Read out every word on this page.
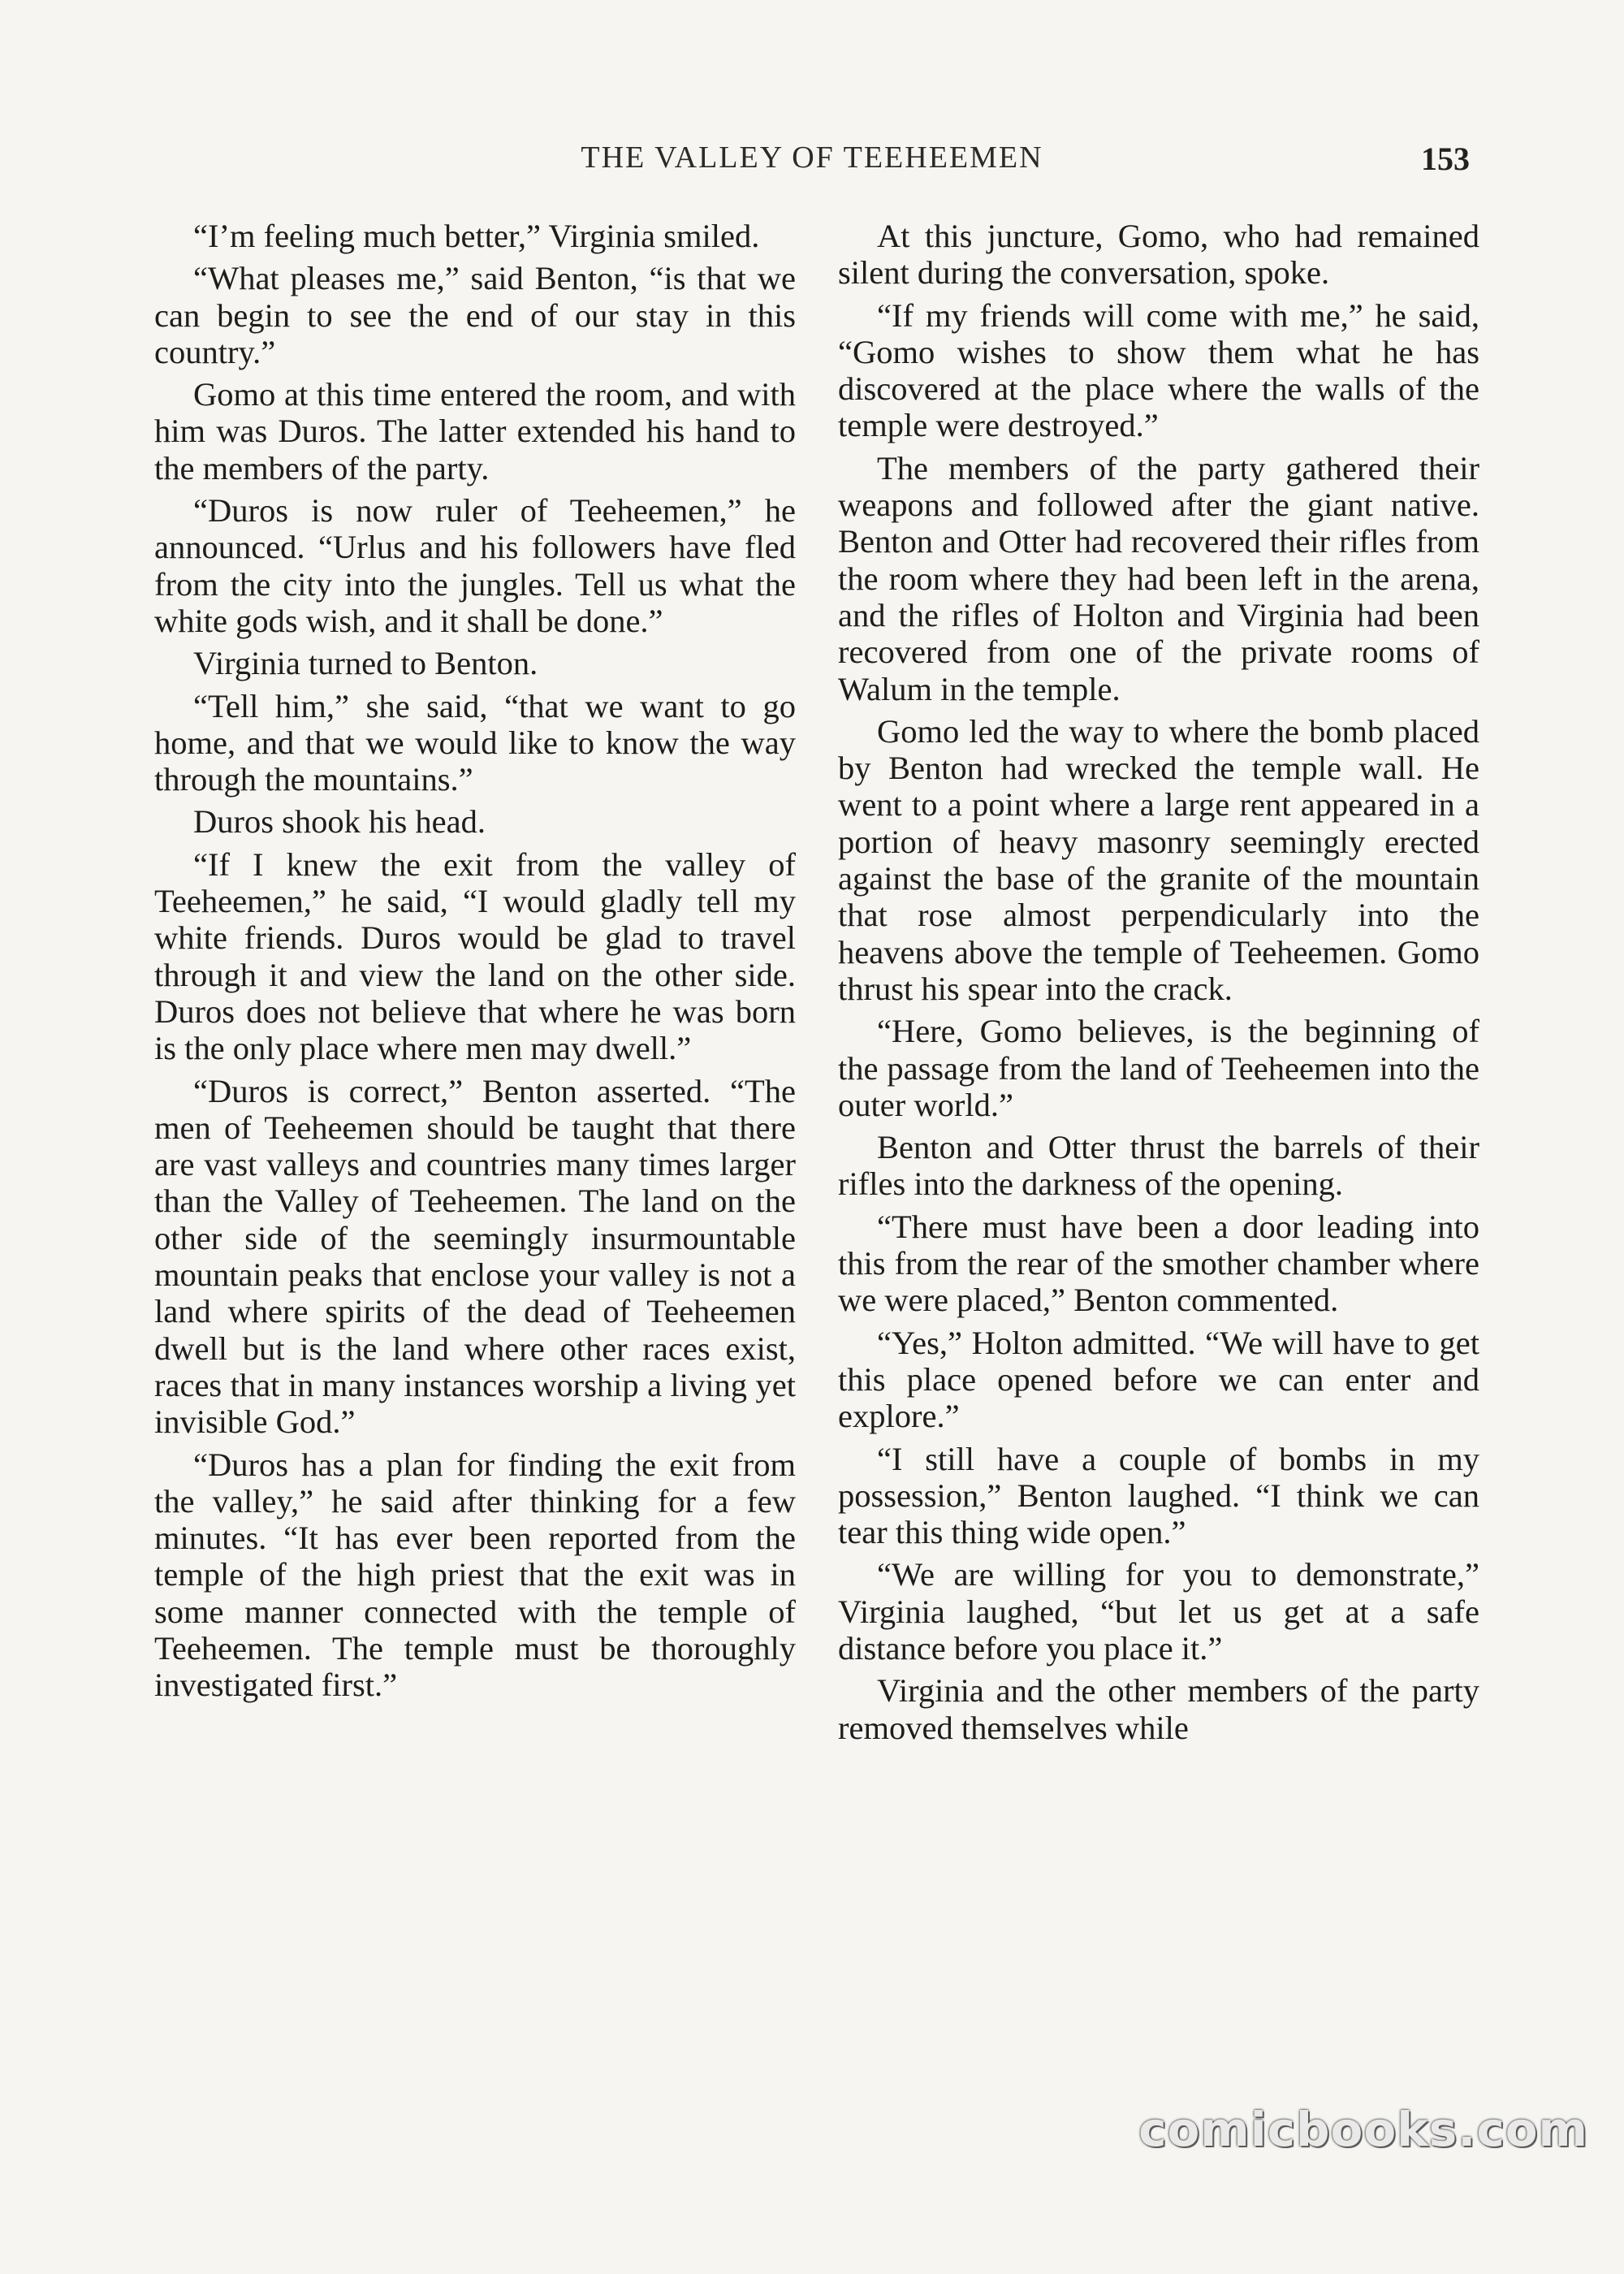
THE VALLEY OF TEEHEEMEN	153

“I’m feeling much better,” Virginia smiled.

“What pleases me,” said Benton, “is that we can begin to see the end of our stay in this country.”

Gomo at this time entered the room, and with him was Duros. The latter extended his hand to the members of the party.

“Duros is now ruler of Teeheemen,” he announced. “Urlus and his followers have fled from the city into the jungles. Tell us what the white gods wish, and it shall be done.”

Virginia turned to Benton.

“Tell him,” she said, “that we want to go home, and that we would like to know the way through the mountains.”

Duros shook his head.

“If I knew the exit from the valley of Teeheemen,” he said, “I would gladly tell my white friends. Duros would be glad to travel through it and view the land on the other side. Duros does not believe that where he was born is the only place where men may dwell.”

“Duros is correct,” Benton asserted. “The men of Teeheemen should be taught that there are vast valleys and countries many times larger than the Valley of Teeheemen. The land on the other side of the seemingly insurmountable mountain peaks that enclose your valley is not a land where spirits of the dead of Teeheemen dwell but is the land where other races exist, races that in many instances worship a living yet invisible God.”

“Duros has a plan for finding the exit from the valley,” he said after thinking for a few minutes. “It has ever been reported from the temple of the high priest that the exit was in some manner connected with the temple of Teeheemen. The temple must be thoroughly investigated first.”

At this juncture, Gomo, who had remained silent during the conversation, spoke.

“If my friends will come with me,” he said, “Gomo wishes to show them what he has discovered at the place where the walls of the temple were destroyed.”

The members of the party gathered their weapons and followed after the giant native. Benton and Otter had recovered their rifles from the room where they had been left in the arena, and the rifles of Holton and Virginia had been recovered from one of the private rooms of Walum in the temple.

Gomo led the way to where the bomb placed by Benton had wrecked the temple wall. He went to a point where a large rent appeared in a portion of heavy masonry seemingly erected against the base of the granite of the mountain that rose almost perpendicularly into the heavens above the temple of Teeheemen. Gomo thrust his spear into the crack.

“Here, Gomo believes, is the beginning of the passage from the land of Teeheemen into the outer world.”

Benton and Otter thrust the barrels of their rifles into the darkness of the opening.

“There must have been a door leading into this from the rear of the smother chamber where we were placed,” Benton commented.

“Yes,” Holton admitted. “We will have to get this place opened before we can enter and explore.”

“I still have a couple of bombs in my possession,” Benton laughed. “I think we can tear this thing wide open.”

“We are willing for you to demonstrate,” Virginia laughed, “but let us get at a safe distance before you place it.”

Virginia and the other members of the party removed themselves while

comicbooks.com
